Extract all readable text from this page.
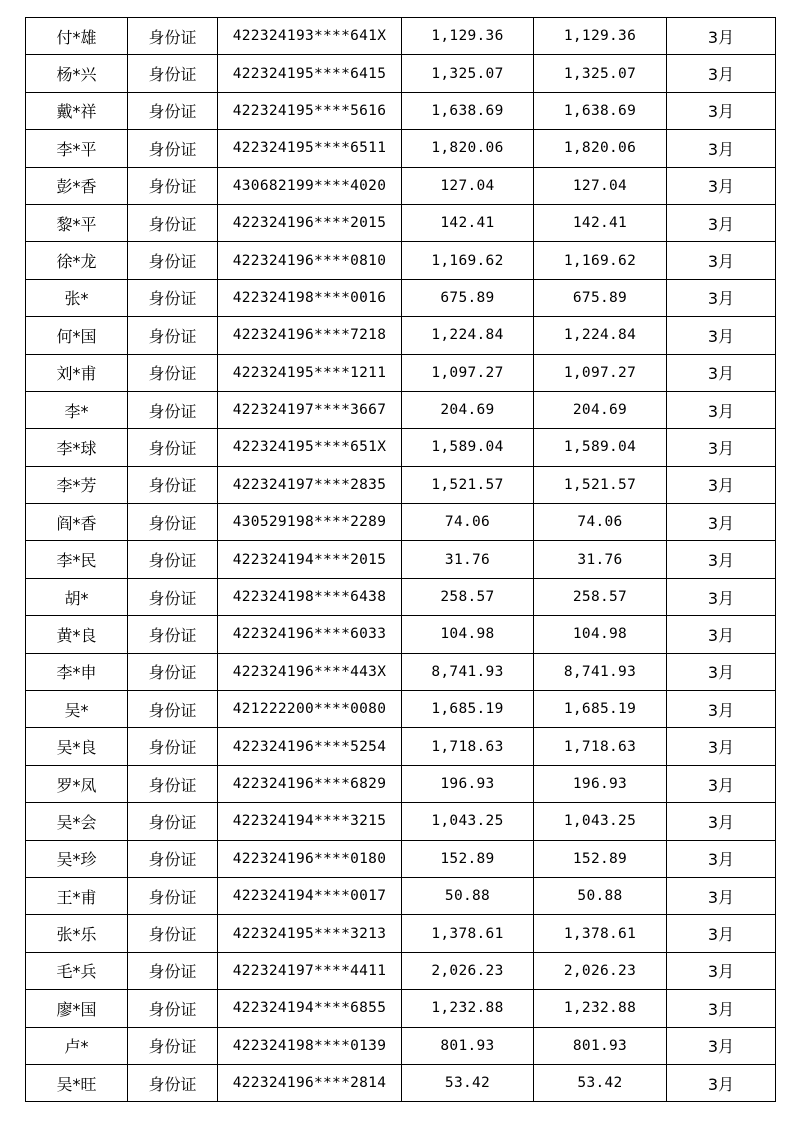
付*雄	身份证	422324193****641X	1,129.36	1,129.36	3月
杨*兴	身份证	422324195****6415	1,325.07	1,325.07	3月
戴*祥	身份证	422324195****5616	1,638.69	1,638.69	3月
李*平	身份证	422324195****6511	1,820.06	1,820.06	3月
彭*香	身份证	430682199****4020	127.04	127.04	3月
黎*平	身份证	422324196****2015	142.41	142.41	3月
徐*龙	身份证	422324196****0810	1,169.62	1,169.62	3月
张*	身份证	422324198****0016	675.89	675.89	3月
何*国	身份证	422324196****7218	1,224.84	1,224.84	3月
刘*甫	身份证	422324195****1211	1,097.27	1,097.27	3月
李*	身份证	422324197****3667	204.69	204.69	3月
李*球	身份证	422324195****651X	1,589.04	1,589.04	3月
李*芳	身份证	422324197****2835	1,521.57	1,521.57	3月
阎*香	身份证	430529198****2289	74.06	74.06	3月
李*民	身份证	422324194****2015	31.76	31.76	3月
胡*	身份证	422324198****6438	258.57	258.57	3月
黄*良	身份证	422324196****6033	104.98	104.98	3月
李*申	身份证	422324196****443X	8,741.93	8,741.93	3月
吴*	身份证	421222200****0080	1,685.19	1,685.19	3月
吴*良	身份证	422324196****5254	1,718.63	1,718.63	3月
罗*凤	身份证	422324196****6829	196.93	196.93	3月
吴*会	身份证	422324194****3215	1,043.25	1,043.25	3月
吴*珍	身份证	422324196****0180	152.89	152.89	3月
王*甫	身份证	422324194****0017	50.88	50.88	3月
张*乐	身份证	422324195****3213	1,378.61	1,378.61	3月
毛*兵	身份证	422324197****4411	2,026.23	2,026.23	3月
廖*国	身份证	422324194****6855	1,232.88	1,232.88	3月
卢*	身份证	422324198****0139	801.93	801.93	3月
吴*旺	身份证	422324196****2814	53.42	53.42	3月
